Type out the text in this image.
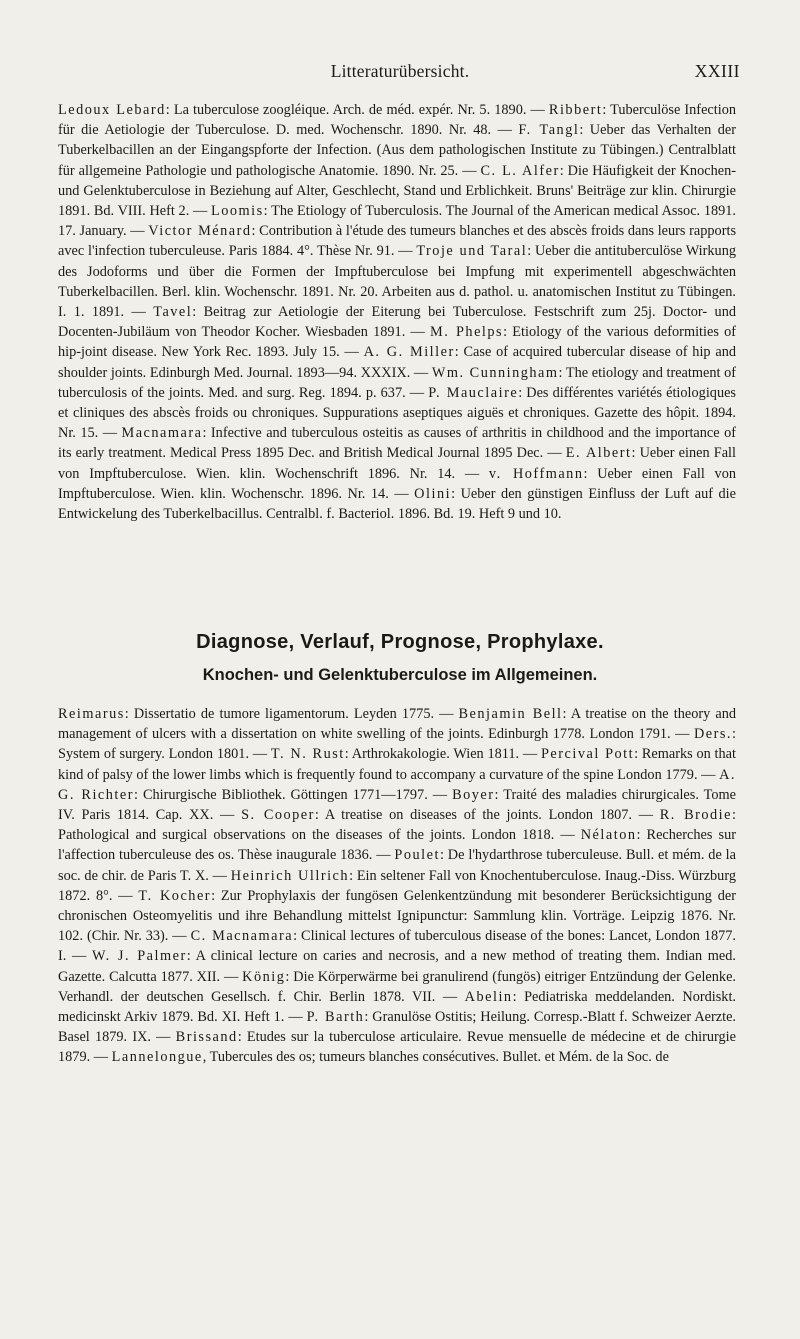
Litteraturübersicht.	XXIII
Ledoux Lebard: La tuberculose zoogléique. Arch. de méd. expér. Nr. 5. 1890. — Ribbert: Tuberculöse Infection für die Aetiologie der Tuberculose. D. med. Wochenschr. 1890. Nr. 48. — F. Tangl: Ueber das Verhalten der Tuberkelbacillen an der Eingangspforte der Infection. (Aus dem pathologischen Institute zu Tübingen.) Centralblatt für allgemeine Pathologie und pathologische Anatomie. 1890. Nr. 25. — C. L. Alfer: Die Häufigkeit der Knochen- und Gelenktuberculose in Beziehung auf Alter, Geschlecht, Stand und Erblichkeit. Bruns' Beiträge zur klin. Chirurgie 1891. Bd. VIII. Heft 2. — Loomis: The Etiology of Tuberculosis. The Journal of the American medical Assoc. 1891. 17. January. — Victor Ménard: Contribution à l'étude des tumeurs blanches et des abscès froids dans leurs rapports avec l'infection tuberculeuse. Paris 1884. 4°. Thèse Nr. 91. — Troje und Taral: Ueber die antituberculöse Wirkung des Jodoforms und über die Formen der Impftuberculose bei Impfung mit experimentell abgeschwächten Tuberkelbacillen. Berl. klin. Wochenschr. 1891. Nr. 20. Arbeiten aus d. pathol. u. anatomischen Institut zu Tübingen. I. 1. 1891. — Tavel: Beitrag zur Aetiologie der Eiterung bei Tuberculose. Festschrift zum 25j. Doctor- und Docenten-Jubiläum von Theodor Kocher. Wiesbaden 1891. — M. Phelps: Etiology of the various deformities of hip-joint disease. New York Rec. 1893. July 15. — A. G. Miller: Case of acquired tubercular disease of hip and shoulder joints. Edinburgh Med. Journal. 1893—94. XXXIX. — Wm. Cunningham: The etiology and treatment of tuberculosis of the joints. Med. and surg. Reg. 1894. p. 637. — P. Mauclaire: Des différentes variétés étiologiques et cliniques des abscès froids ou chroniques. Suppurations aseptiques aiguës et chroniques. Gazette des hôpit. 1894. Nr. 15. — Macnamara: Infective and tuberculous osteitis as causes of arthritis in childhood and the importance of its early treatment. Medical Press 1895 Dec. and British Medical Journal 1895 Dec. — E. Albert: Ueber einen Fall von Impftuberculose. Wien. klin. Wochenschrift 1896. Nr. 14. — v. Hoffmann: Ueber einen Fall von Impftuberculose. Wien. klin. Wochenschr. 1896. Nr. 14. — Olini: Ueber den günstigen Einfluss der Luft auf die Entwickelung des Tuberkelbacillus. Centralbl. f. Bacteriol. 1896. Bd. 19. Heft 9 und 10.
Diagnose, Verlauf, Prognose, Prophylaxe.
Knochen- und Gelenktuberculose im Allgemeinen.
Reimarus: Dissertatio de tumore ligamentorum. Leyden 1775. — Benjamin Bell: A treatise on the theory and management of ulcers with a dissertation on white swelling of the joints. Edinburgh 1778. London 1791. — Ders.: System of surgery. London 1801. — T. N. Rust: Arthrokakologie. Wien 1811. — Percival Pott: Remarks on that kind of palsy of the lower limbs which is frequently found to accompany a curvature of the spine London 1779. — A. G. Richter: Chirurgische Bibliothek. Göttingen 1771—1797. — Boyer: Traité des maladies chirurgicales. Tome IV. Paris 1814. Cap. XX. — S. Cooper: A treatise on diseases of the joints. London 1807. — R. Brodie: Pathological and surgical observations on the diseases of the joints. London 1818. — Nélaton: Recherches sur l'affection tuberculeuse des os. Thèse inaugurale 1836. — Poulet: De l'hydarthrose tuberculeuse. Bull. et mém. de la soc. de chir. de Paris T. X. — Heinrich Ullrich: Ein seltener Fall von Knochentuberculose. Inaug.-Diss. Würzburg 1872. 8°. — T. Kocher: Zur Prophylaxis der fungösen Gelenkentzündung mit besonderer Berücksichtigung der chronischen Osteomyelitis und ihre Behandlung mittelst Ignipunctur: Sammlung klin. Vorträge. Leipzig 1876. Nr. 102. (Chir. Nr. 33). — C. Macnamara: Clinical lectures of tuberculous disease of the bones: Lancet, London 1877. I. — W. J. Palmer: A clinical lecture on caries and necrosis, and a new method of treating them. Indian med. Gazette. Calcutta 1877. XII. — König: Die Körperwärme bei granulirend (fungös) eitriger Entzündung der Gelenke. Verhandl. der deutschen Gesellsch. f. Chir. Berlin 1878. VII. — Abelin: Pediatriska meddelanden. Nordiskt. medicinskt Arkiv 1879. Bd. XI. Heft 1. — P. Barth: Granulöse Ostitis; Heilung. Corresp.-Blatt f. Schweizer Aerzte. Basel 1879. IX. — Brissand: Etudes sur la tuberculose articulaire. Revue mensuelle de médecine et de chirurgie 1879. — Lannelongue, Tubercules des os; tumeurs blanches consécutives. Bullet. et Mém. de la Soc. de
